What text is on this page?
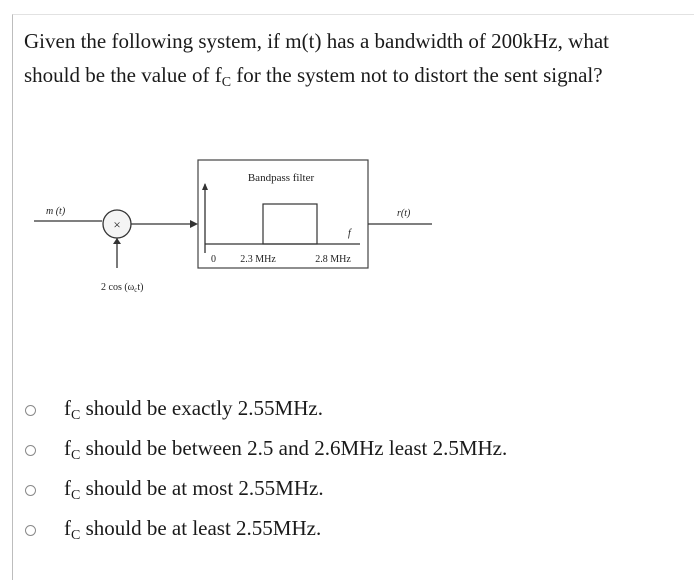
Given the following system, if m(t) has a bandwidth of 200kHz, what
should be the value of $f_C$ for the system not to distort the sent signal?

m (t)
×
2 $\cos (\omega_ct)$
Bandpass filter
f
0 2.3 MHz	2.8 MHz
r(t)
$f_C$ should be exactly 2.55MHz.
$f_C$ should be between 2.5 and 2.6MHz least 2.5MHz.
$f_C$ should be at most 2.55MHz.
$f_C$ should be at least 2.55MHz.
